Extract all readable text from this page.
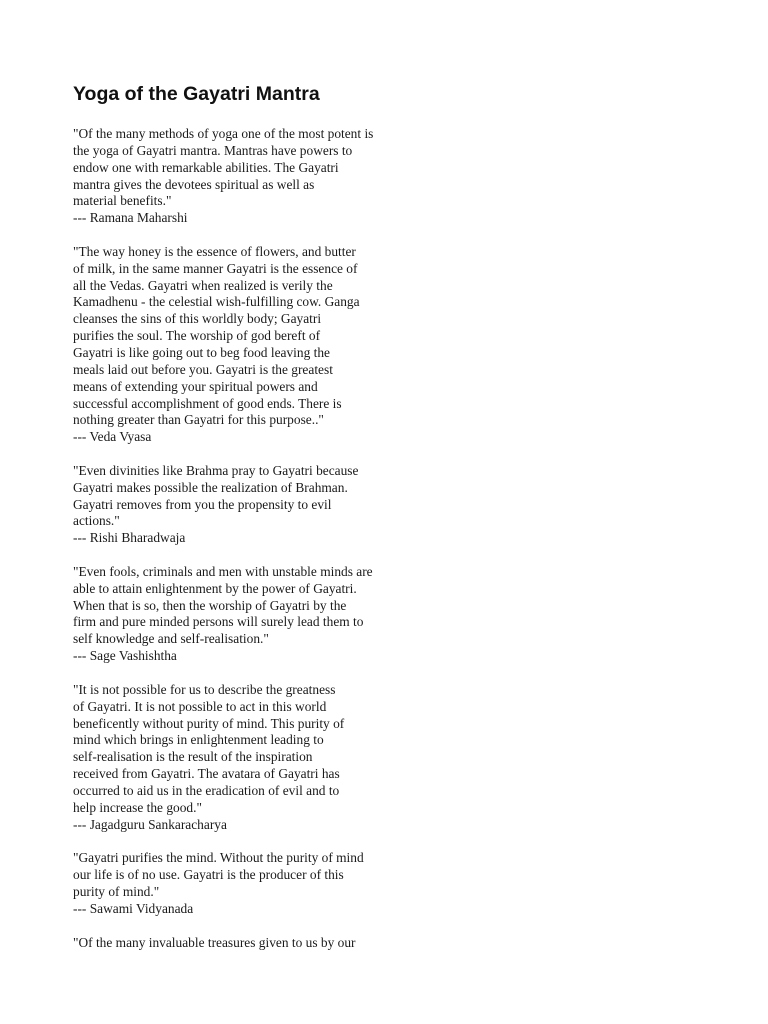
Yoga of the Gayatri Mantra
"Of the many methods of yoga one of the most potent is
the yoga of Gayatri mantra. Mantras have powers to
endow one with remarkable abilities. The Gayatri
mantra gives the devotees spiritual as well as
material benefits."
--- Ramana Maharshi
"The way honey is the essence of flowers, and butter
of milk, in the same manner Gayatri is the essence of
all the Vedas. Gayatri when realized is verily the
Kamadhenu - the celestial wish-fulfilling cow. Ganga
cleanses the sins of this worldly body; Gayatri
purifies the soul. The worship of god bereft of
Gayatri is like going out to beg food leaving the
meals laid out before you. Gayatri is the greatest
means of extending your spiritual powers and
successful accomplishment of good ends. There is
nothing greater than Gayatri for this purpose.."
--- Veda Vyasa
"Even divinities like Brahma pray to Gayatri because
Gayatri makes possible the realization of Brahman.
Gayatri removes from you the propensity to evil
actions."
--- Rishi Bharadwaja
"Even fools, criminals and men with unstable minds are
able to attain enlightenment by the power of Gayatri.
When that is so, then the worship of Gayatri by the
firm and pure minded persons will surely lead them to
self knowledge and self-realisation."
--- Sage Vashishtha
"It is not possible for us to describe the greatness
of Gayatri. It is not possible to act in this world
beneficently without purity of mind. This purity of
mind which brings in enlightenment leading to
self-realisation is the result of the inspiration
received from Gayatri. The avatara of Gayatri has
occurred to aid us in the eradication of evil and to
help increase the good."
--- Jagadguru Sankaracharya
"Gayatri purifies the mind. Without the purity of mind
our life is of no use. Gayatri is the producer of this
purity of mind."
--- Sawami Vidyanada
"Of the many invaluable treasures given to us by our
